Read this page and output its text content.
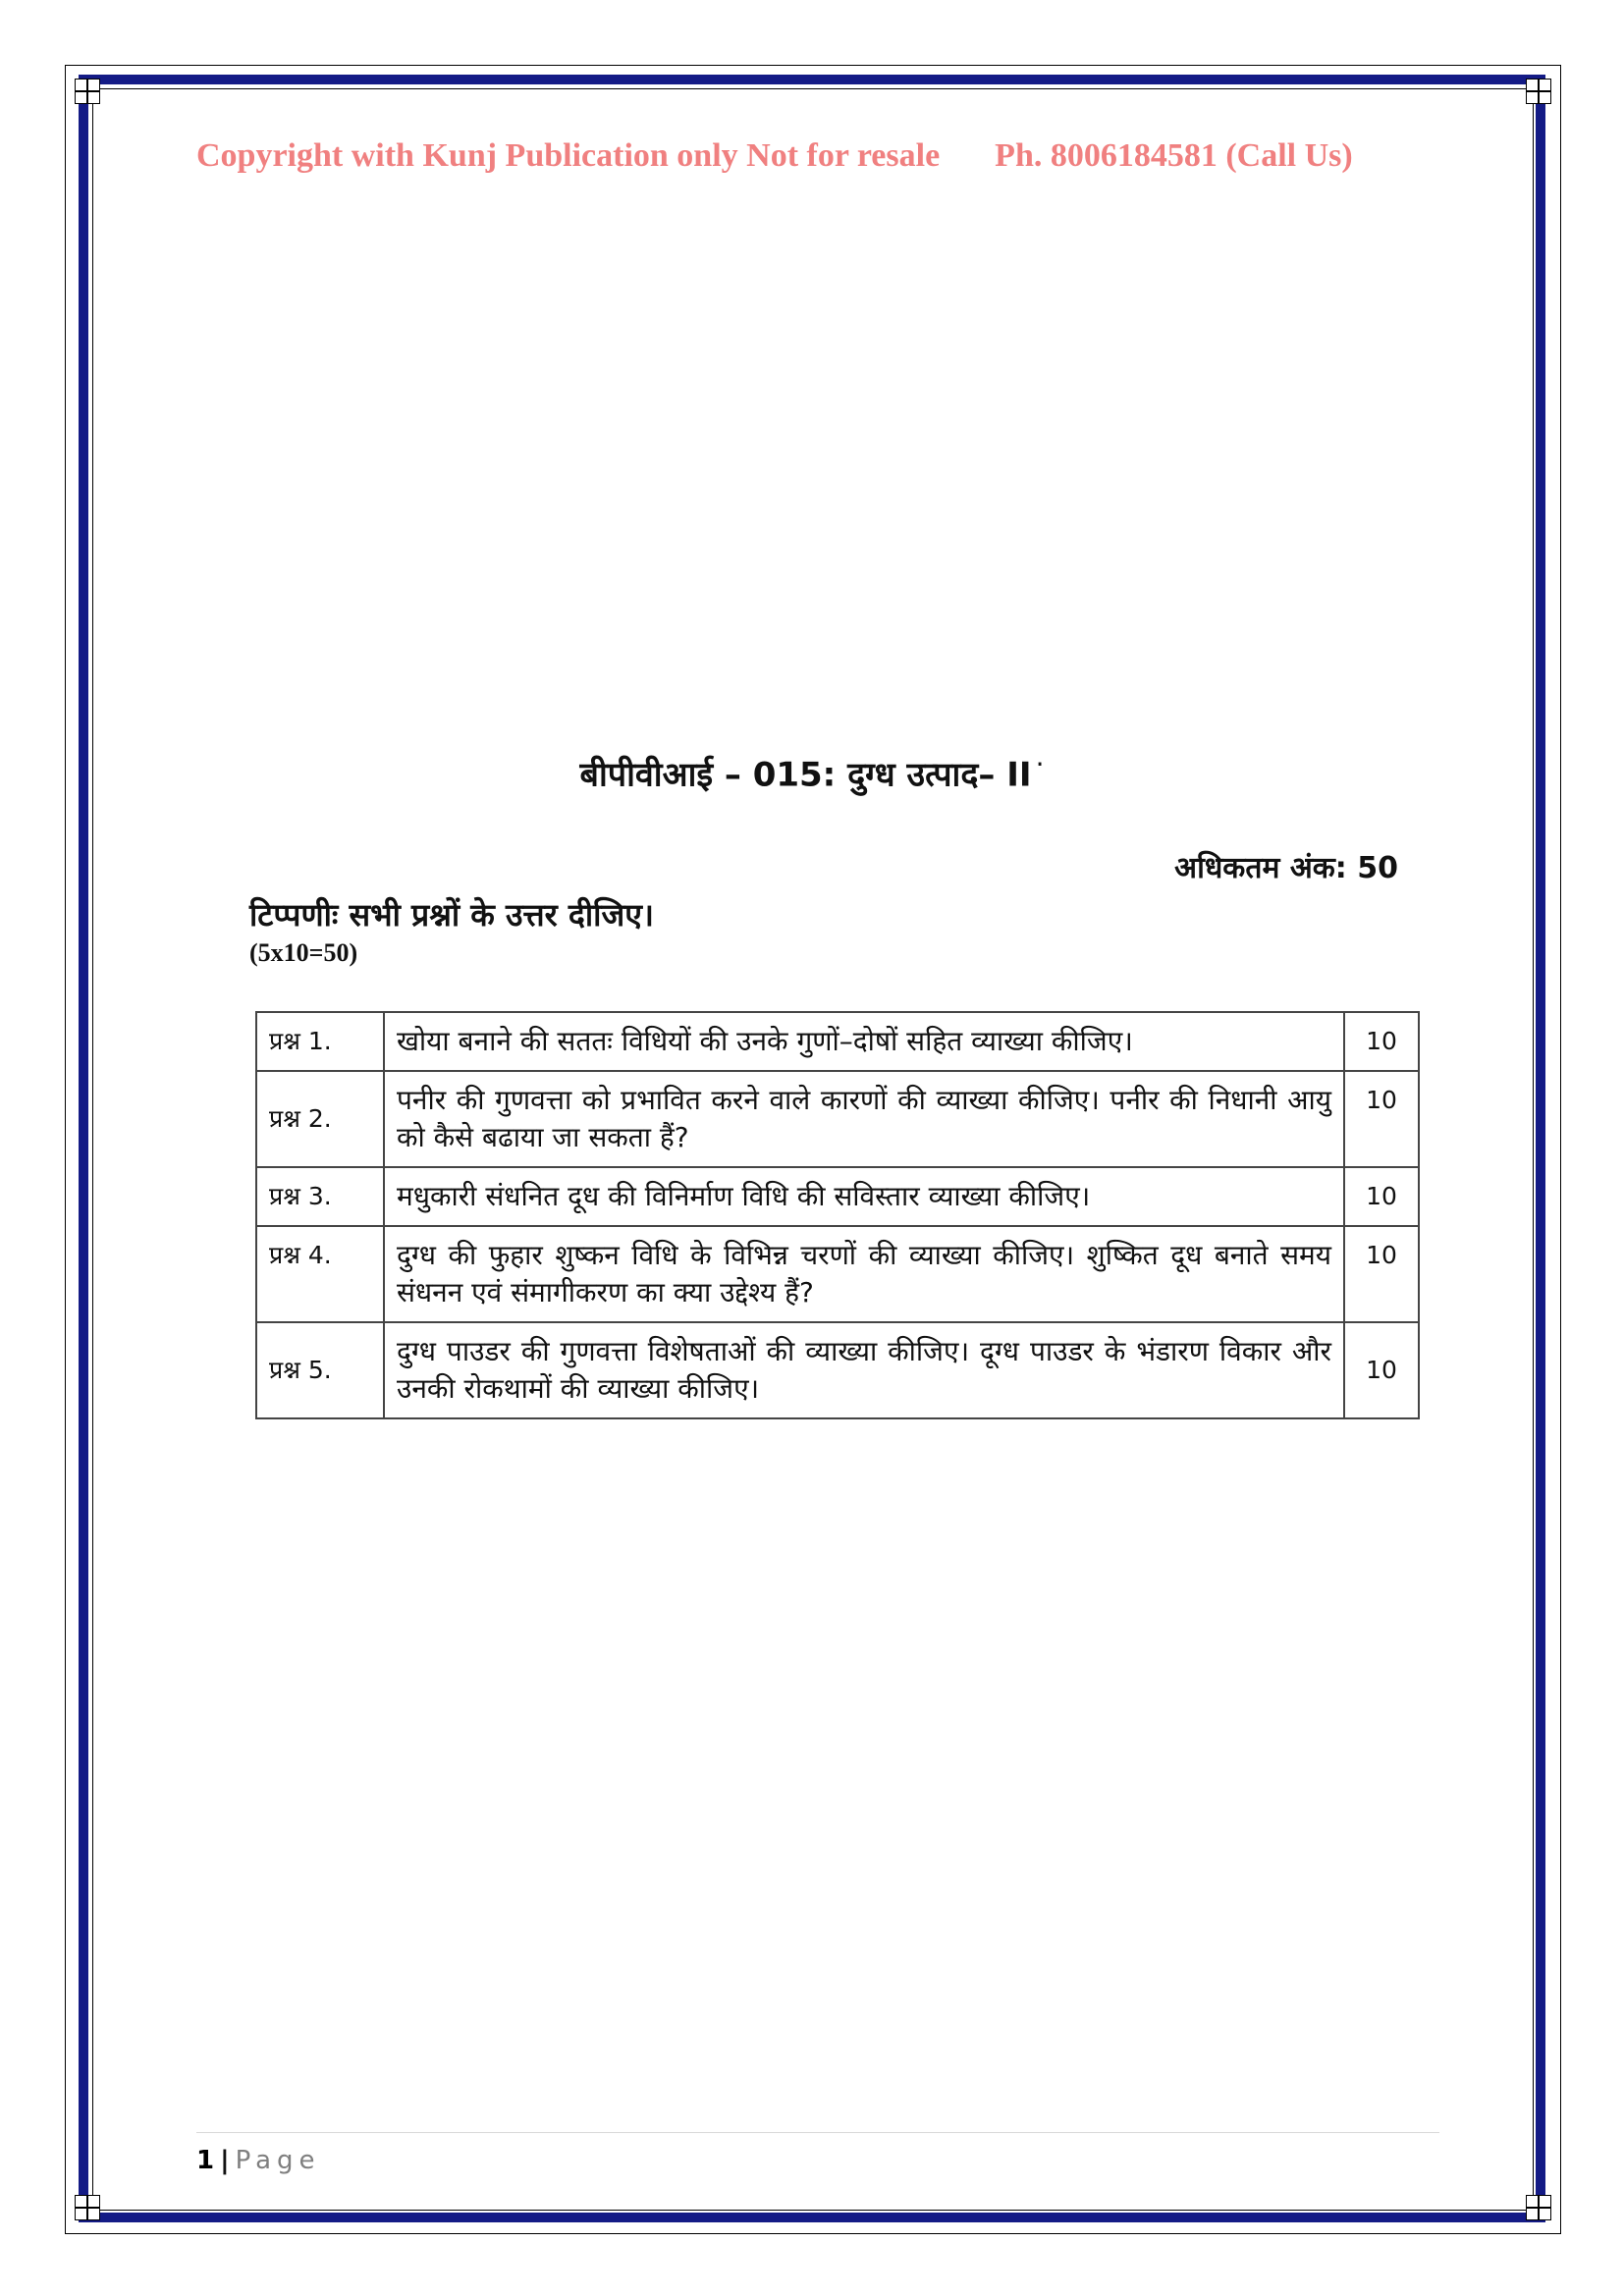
Copyright with Kunj Publication only Not for resale Ph. 8006184581 (Call Us)
बीपीवीआई – 015: दुग्ध उत्पाद– II ·
अधिकतम अंक: 50
टिप्पणीः सभी प्रश्नों के उत्तर दीजिए।
(5x10=50)
प्रश्न 1.	खोया बनाने की सततः विधियों की उनके गुणों–दोषों सहित व्याख्या कीजिए।	10
प्रश्न 2.	पनीर की गुणवत्ता को प्रभावित करने वाले कारणों की व्याख्या कीजिए। पनीर की निधानी आयु को कैसे बढाया जा सकता हैं?	10
प्रश्न 3.	मधुकारी संधनित दूध की विनिर्माण विधि की सविस्तार व्याख्या कीजिए।	10
प्रश्न 4.	दुग्ध की फुहार शुष्कन विधि के विभिन्न चरणों की व्याख्या कीजिए। शुष्कित दूध बनाते समय संधनन एवं संमागीकरण का क्या उद्देश्य हैं?	10
प्रश्न 5.	दुग्ध पाउडर की गुणवत्ता विशेषताओं की व्याख्या कीजिए। दूग्ध पाउडर के भंडारण विकार और उनकी रोकथामों की व्याख्या कीजिए।	10
1 | Page
